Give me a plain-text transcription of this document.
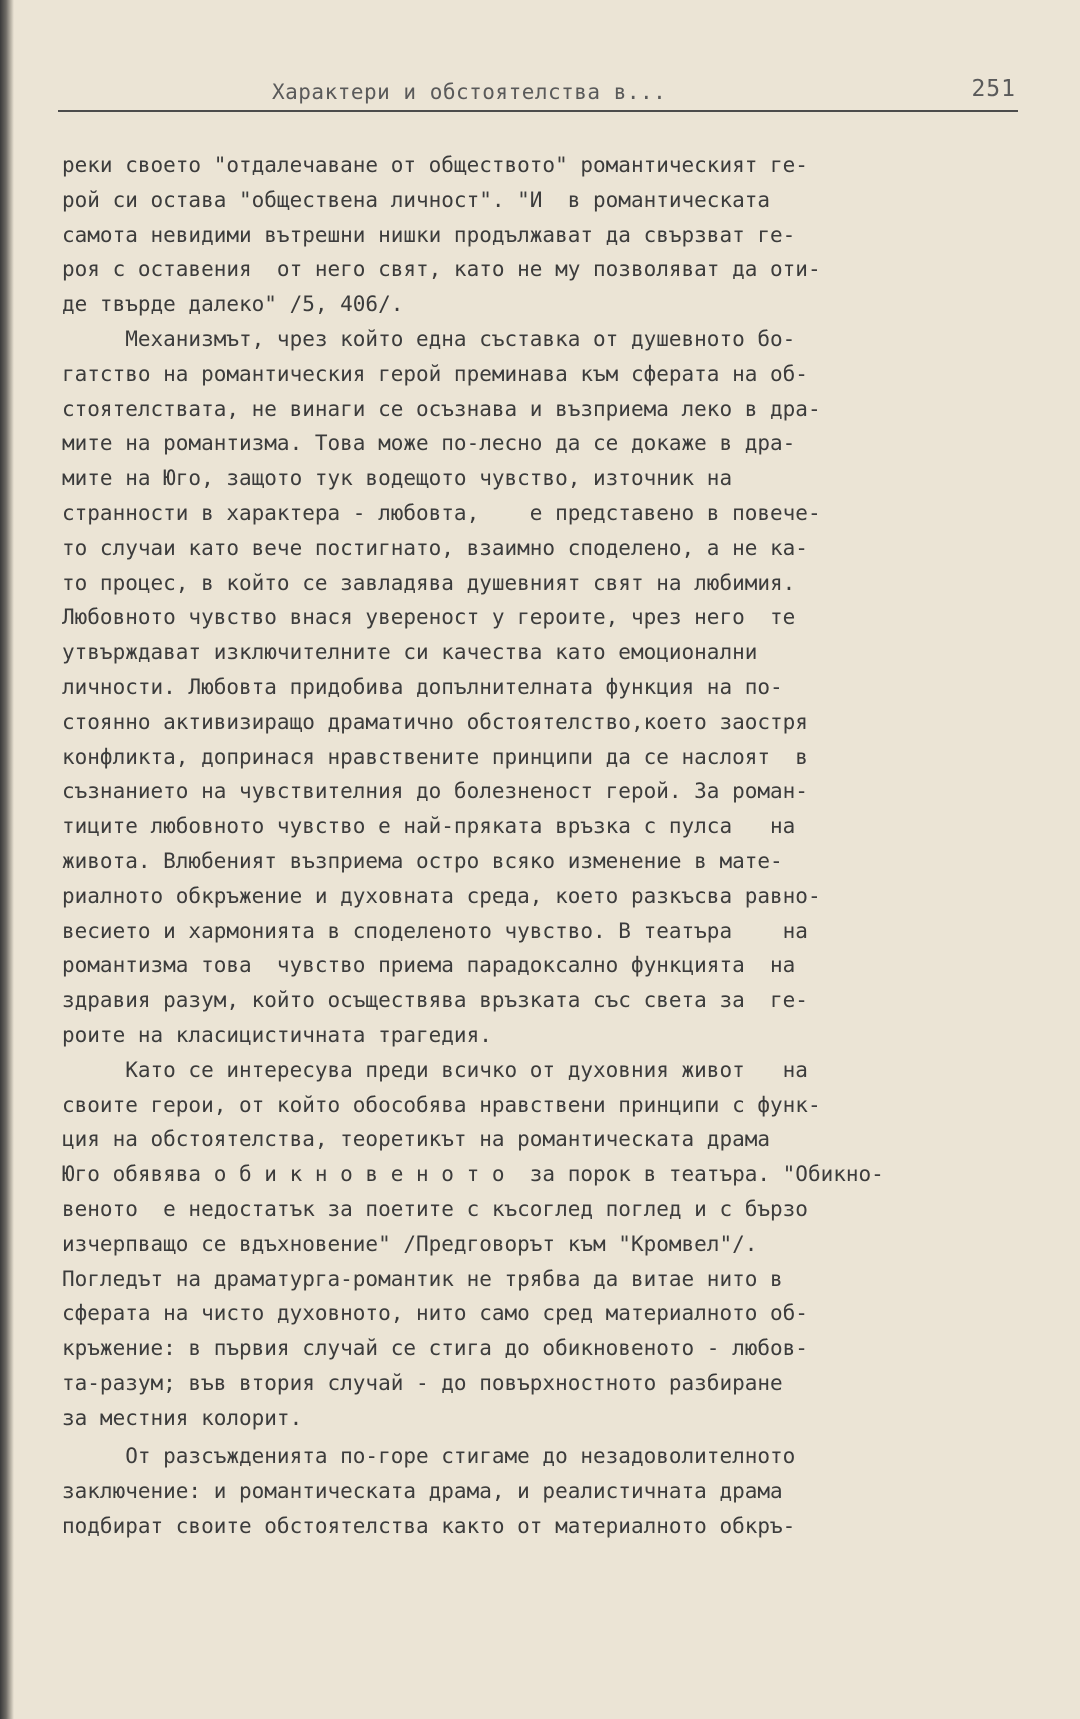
Характери и обстоятелства в...	251
реки своето "отдалечаване от обществото" романтическият ге-
рой си остава "обществена личност". "И  в романтическата
самота невидими вътрешни нишки продължават да свързват ге-
роя с оставения  от него свят, като не му позволяват да оти-
де твърде далеко" /5, 406/.
Механизмът, чрез който една съставка от душевното бо-
гатство на романтическия герой преминава към сферата на об-
стоятелствата, не винаги се осъзнава и възприема леко в дра-
мите на романтизма. Това може по-лесно да се докаже в дра-
мите на Юго, защото тук водещото чувство, източник на
странности в характера - любовта,    е представено в повече-
то случаи като вече постигнато, взаимно споделено, а не ка-
то процес, в който се завладява душевният свят на любимия.
Любовното чувство внася увереност у героите, чрез него  те
утвърждават изключителните си качества като емоционални
личности. Любовта придобива допълнителната функция на по-
стоянно активизиращо драматично обстоятелство,което заостря
конфликта, допринася нравствените принципи да се наслоят  в
съзнанието на чувствителния до болезненост герой. За роман-
тиците любовното чувство е най-пряката връзка с пулса   на
живота. Влюбеният възприема остро всяко изменение в мате-
риалното обкръжение и духовната среда, което разкъсва равно-
весието и хармонията в споделеното чувство. В театъра    на
романтизма това  чувство приема парадоксално функцията  на
здравия разум, който осъществява връзката със света за  ге-
роите на класицистичната трагедия.
Като се интересува преди всичко от духовния живот   на
своите герои, от който обособява нравствени принципи с функ-
ция на обстоятелства, теоретикът на романтическата драма
Юго обявява о б и к н о в е н о т о  за порок в театъра. "Обикно-
веното  е недостатък за поетите с късоглед поглед и с бързо
изчерпващо се вдъхновение" /Предговорът към "Кромвел"/.
Погледът на драматурга-романтик не трябва да витае нито в
сферата на чисто духовното, нито само сред материалното об-
кръжение: в първия случай се стига до обикновеното - любов-
та-разум; във втория случай - до повърхностното разбиране
за местния колорит.
От разсъжденията по-горе стигаме до незадоволителното
заключение: и романтическата драма, и реалистичната драма
подбират своите обстоятелства както от материалното обкръ-
